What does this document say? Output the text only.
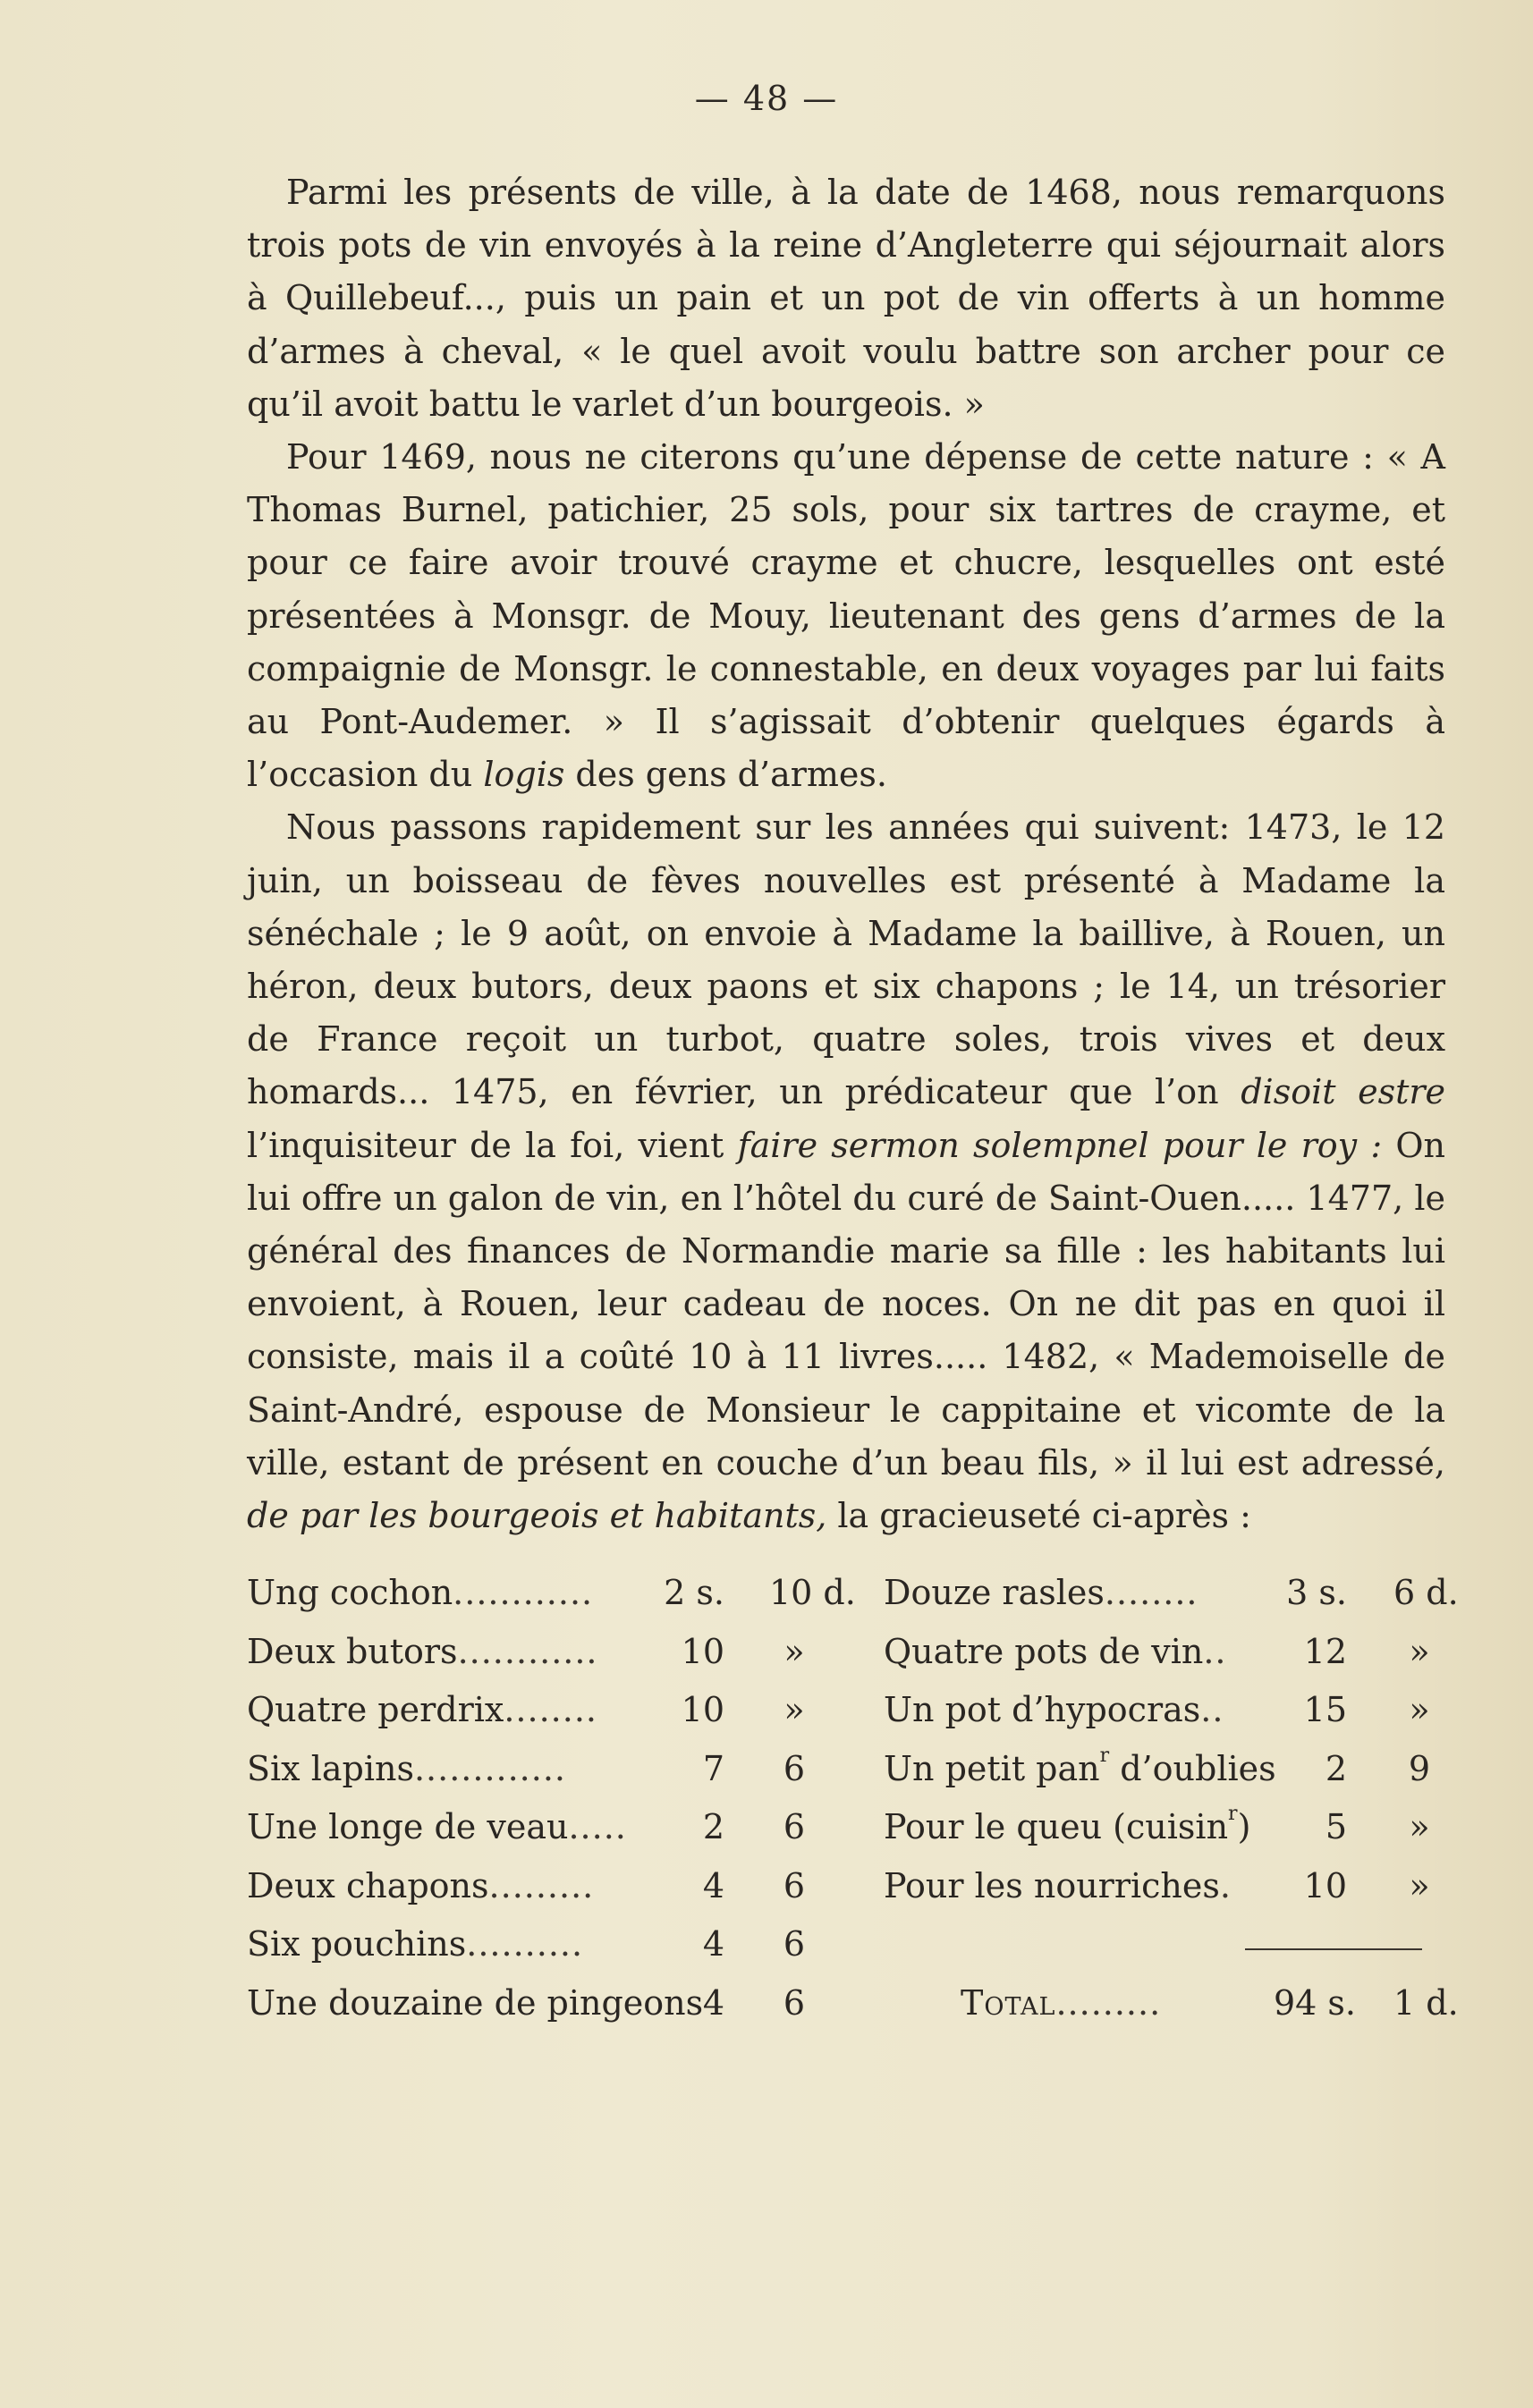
— 48 —

Parmi les présents de ville, à la date de 1468, nous remarquons trois pots de vin envoyés à la reine d’Angleterre qui séjournait alors à Quillebeuf..., puis un pain et un pot de vin offerts à un homme d’armes à cheval, « le quel avoit voulu battre son archer pour ce qu’il avoit battu le varlet d’un bourgeois. »

Pour 1469, nous ne citerons qu’une dépense de cette nature : « A Thomas Burnel, patichier, 25 sols, pour six tartres de crayme, et pour ce faire avoir trouvé crayme et chucre, lesquelles ont esté présentées à Monsgr. de Mouy, lieutenant des gens d’armes de la compaignie de Monsgr. le connestable, en deux voyages par lui faits au Pont-Audemer. » Il s’agissait d’obtenir quelques égards à l’occasion du logis des gens d’armes.

Nous passons rapidement sur les années qui suivent: 1473, le 12 juin, un boisseau de fèves nouvelles est présenté à Madame la sénéchale ; le 9 août, on envoie à Madame la baillive, à Rouen, un héron, deux butors, deux paons et six chapons ; le 14, un trésorier de France reçoit un turbot, quatre soles, trois vives et deux homards... 1475, en février, un prédicateur que l’on disoit estre l’inquisiteur de la foi, vient faire sermon solempnel pour le roy : On lui offre un galon de vin, en l’hôtel du curé de Saint-Ouen..... 1477, le général des finances de Normandie marie sa fille : les habitants lui envoient, à Rouen, leur cadeau de noces. On ne dit pas en quoi il consiste, mais il a coûté 10 à 11 livres..... 1482, « Mademoiselle de Saint-André, espouse de Monsieur le cappitaine et vicomte de la ville, estant de présent en couche d’un beau fils, » il lui est adressé, de par les bourgeois et habitants, la gracieuseté ci-après :

Ung cochon............	2 s. 10 d.
Deux butors............	10	»
Quatre perdrix........	10	»
Six lapins.............	7	6
Une longe de veau.....	2	6
Deux chapons.........	4	6
Six pouchins..........	4	6
Une douzaine de pingeons 4	6
Douze rasles........	3 s. 6 d.
Quatre pots de vin..	12	»
Un pot d’hypocras..	15	»
Un petit pan$^r$ d’oublies	2	9
Pour le queu (cuisin$^r$)	5	»
Pour les nourriches.	10	»
Total.........	94 s. 1 d.
